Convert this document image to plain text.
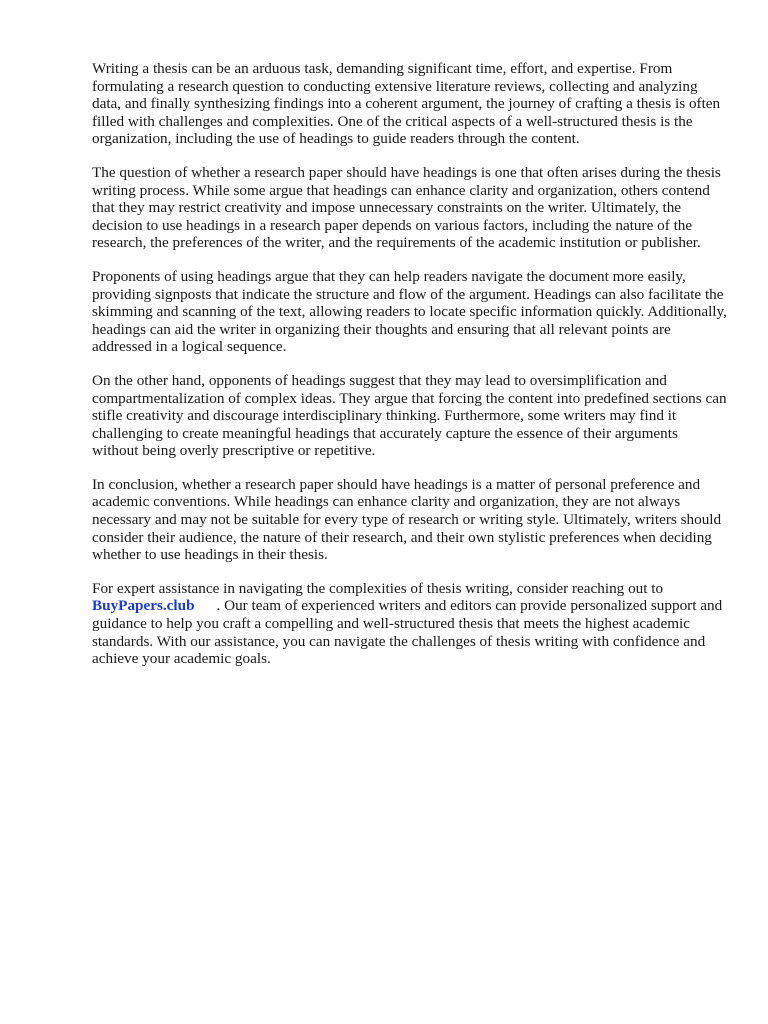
Writing a thesis can be an arduous task, demanding significant time, effort, and expertise. From formulating a research question to conducting extensive literature reviews, collecting and analyzing data, and finally synthesizing findings into a coherent argument, the journey of crafting a thesis is often filled with challenges and complexities. One of the critical aspects of a well-structured thesis is the organization, including the use of headings to guide readers through the content.

The question of whether a research paper should have headings is one that often arises during the thesis writing process. While some argue that headings can enhance clarity and organization, others contend that they may restrict creativity and impose unnecessary constraints on the writer. Ultimately, the decision to use headings in a research paper depends on various factors, including the nature of the research, the preferences of the writer, and the requirements of the academic institution or publisher.

Proponents of using headings argue that they can help readers navigate the document more easily, providing signposts that indicate the structure and flow of the argument. Headings can also facilitate the skimming and scanning of the text, allowing readers to locate specific information quickly. Additionally, headings can aid the writer in organizing their thoughts and ensuring that all relevant points are addressed in a logical sequence.

On the other hand, opponents of headings suggest that they may lead to oversimplification and compartmentalization of complex ideas. They argue that forcing the content into predefined sections can stifle creativity and discourage interdisciplinary thinking. Furthermore, some writers may find it challenging to create meaningful headings that accurately capture the essence of their arguments without being overly prescriptive or repetitive.

In conclusion, whether a research paper should have headings is a matter of personal preference and academic conventions. While headings can enhance clarity and organization, they are not always necessary and may not be suitable for every type of research or writing style. Ultimately, writers should consider their audience, the nature of their research, and their own stylistic preferences when deciding whether to use headings in their thesis.

For expert assistance in navigating the complexities of thesis writing, consider reaching out to
BuyPapers.club . Our team of experienced writers and editors can provide personalized support and guidance to help you craft a compelling and well-structured thesis that meets the highest academic standards. With our assistance, you can navigate the challenges of thesis writing with confidence and achieve your academic goals.
